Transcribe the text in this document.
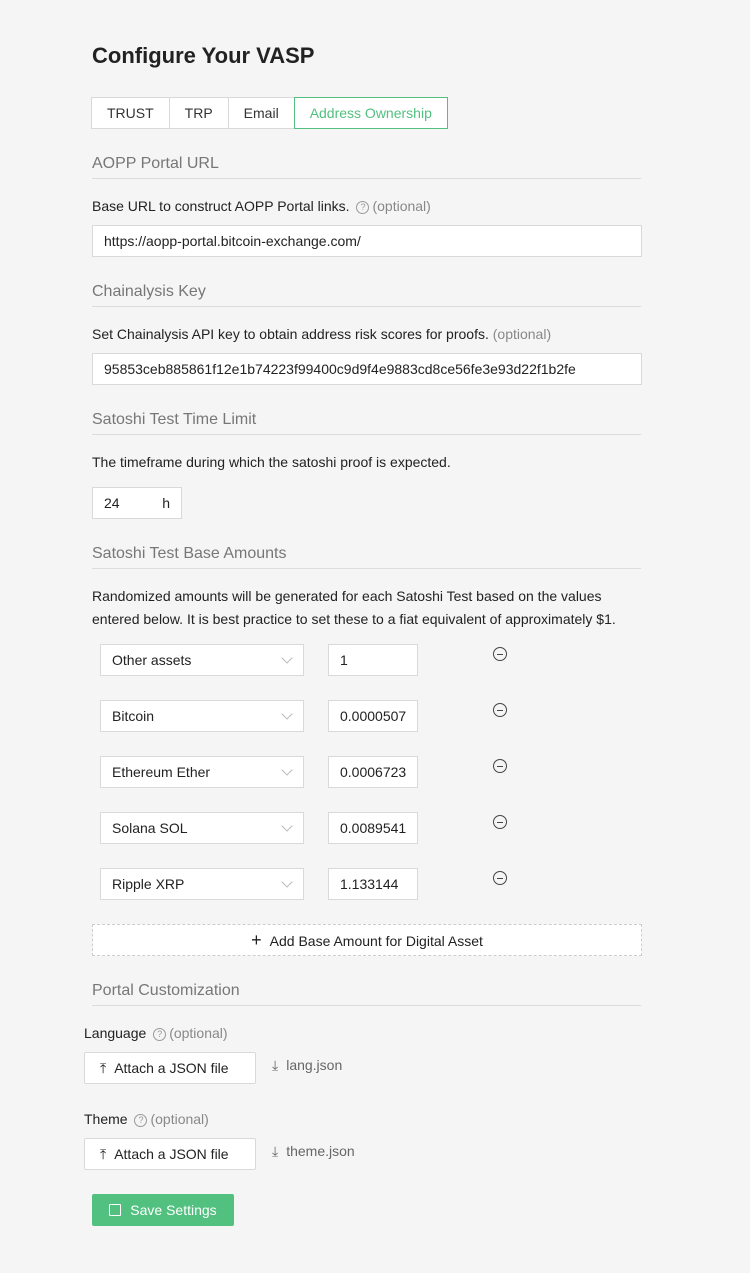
Configure Your VASP
TRUST	TRP	Email	Address Ownership
AOPP Portal URL
Base URL to construct AOPP Portal links. ? (optional)
https://aopp-portal.bitcoin-exchange.com/
Chainalysis Key
Set Chainalysis API key to obtain address risk scores for proofs. (optional)
95853ceb885861f12e1b74223f99400c9d9f4e9883cd8ce56fe3e93d22f1b2fe
Satoshi Test Time Limit
The timeframe during which the satoshi proof is expected.
24	h
Satoshi Test Base Amounts
Randomized amounts will be generated for each Satoshi Test based on the values
entered below. It is best practice to set these to a fiat equivalent of approximately $1.
Other assets	1
Bitcoin	0.0000507
Ethereum Ether	0.0006723
Solana SOL	0.0089541
Ripple XRP	1.133144
+ Add Base Amount for Digital Asset
Portal Customization
Language ? (optional)
⤒ Attach a JSON file	⤓ lang.json
Theme ? (optional)
⤒ Attach a JSON file	⤓ theme.json
Save Settings
